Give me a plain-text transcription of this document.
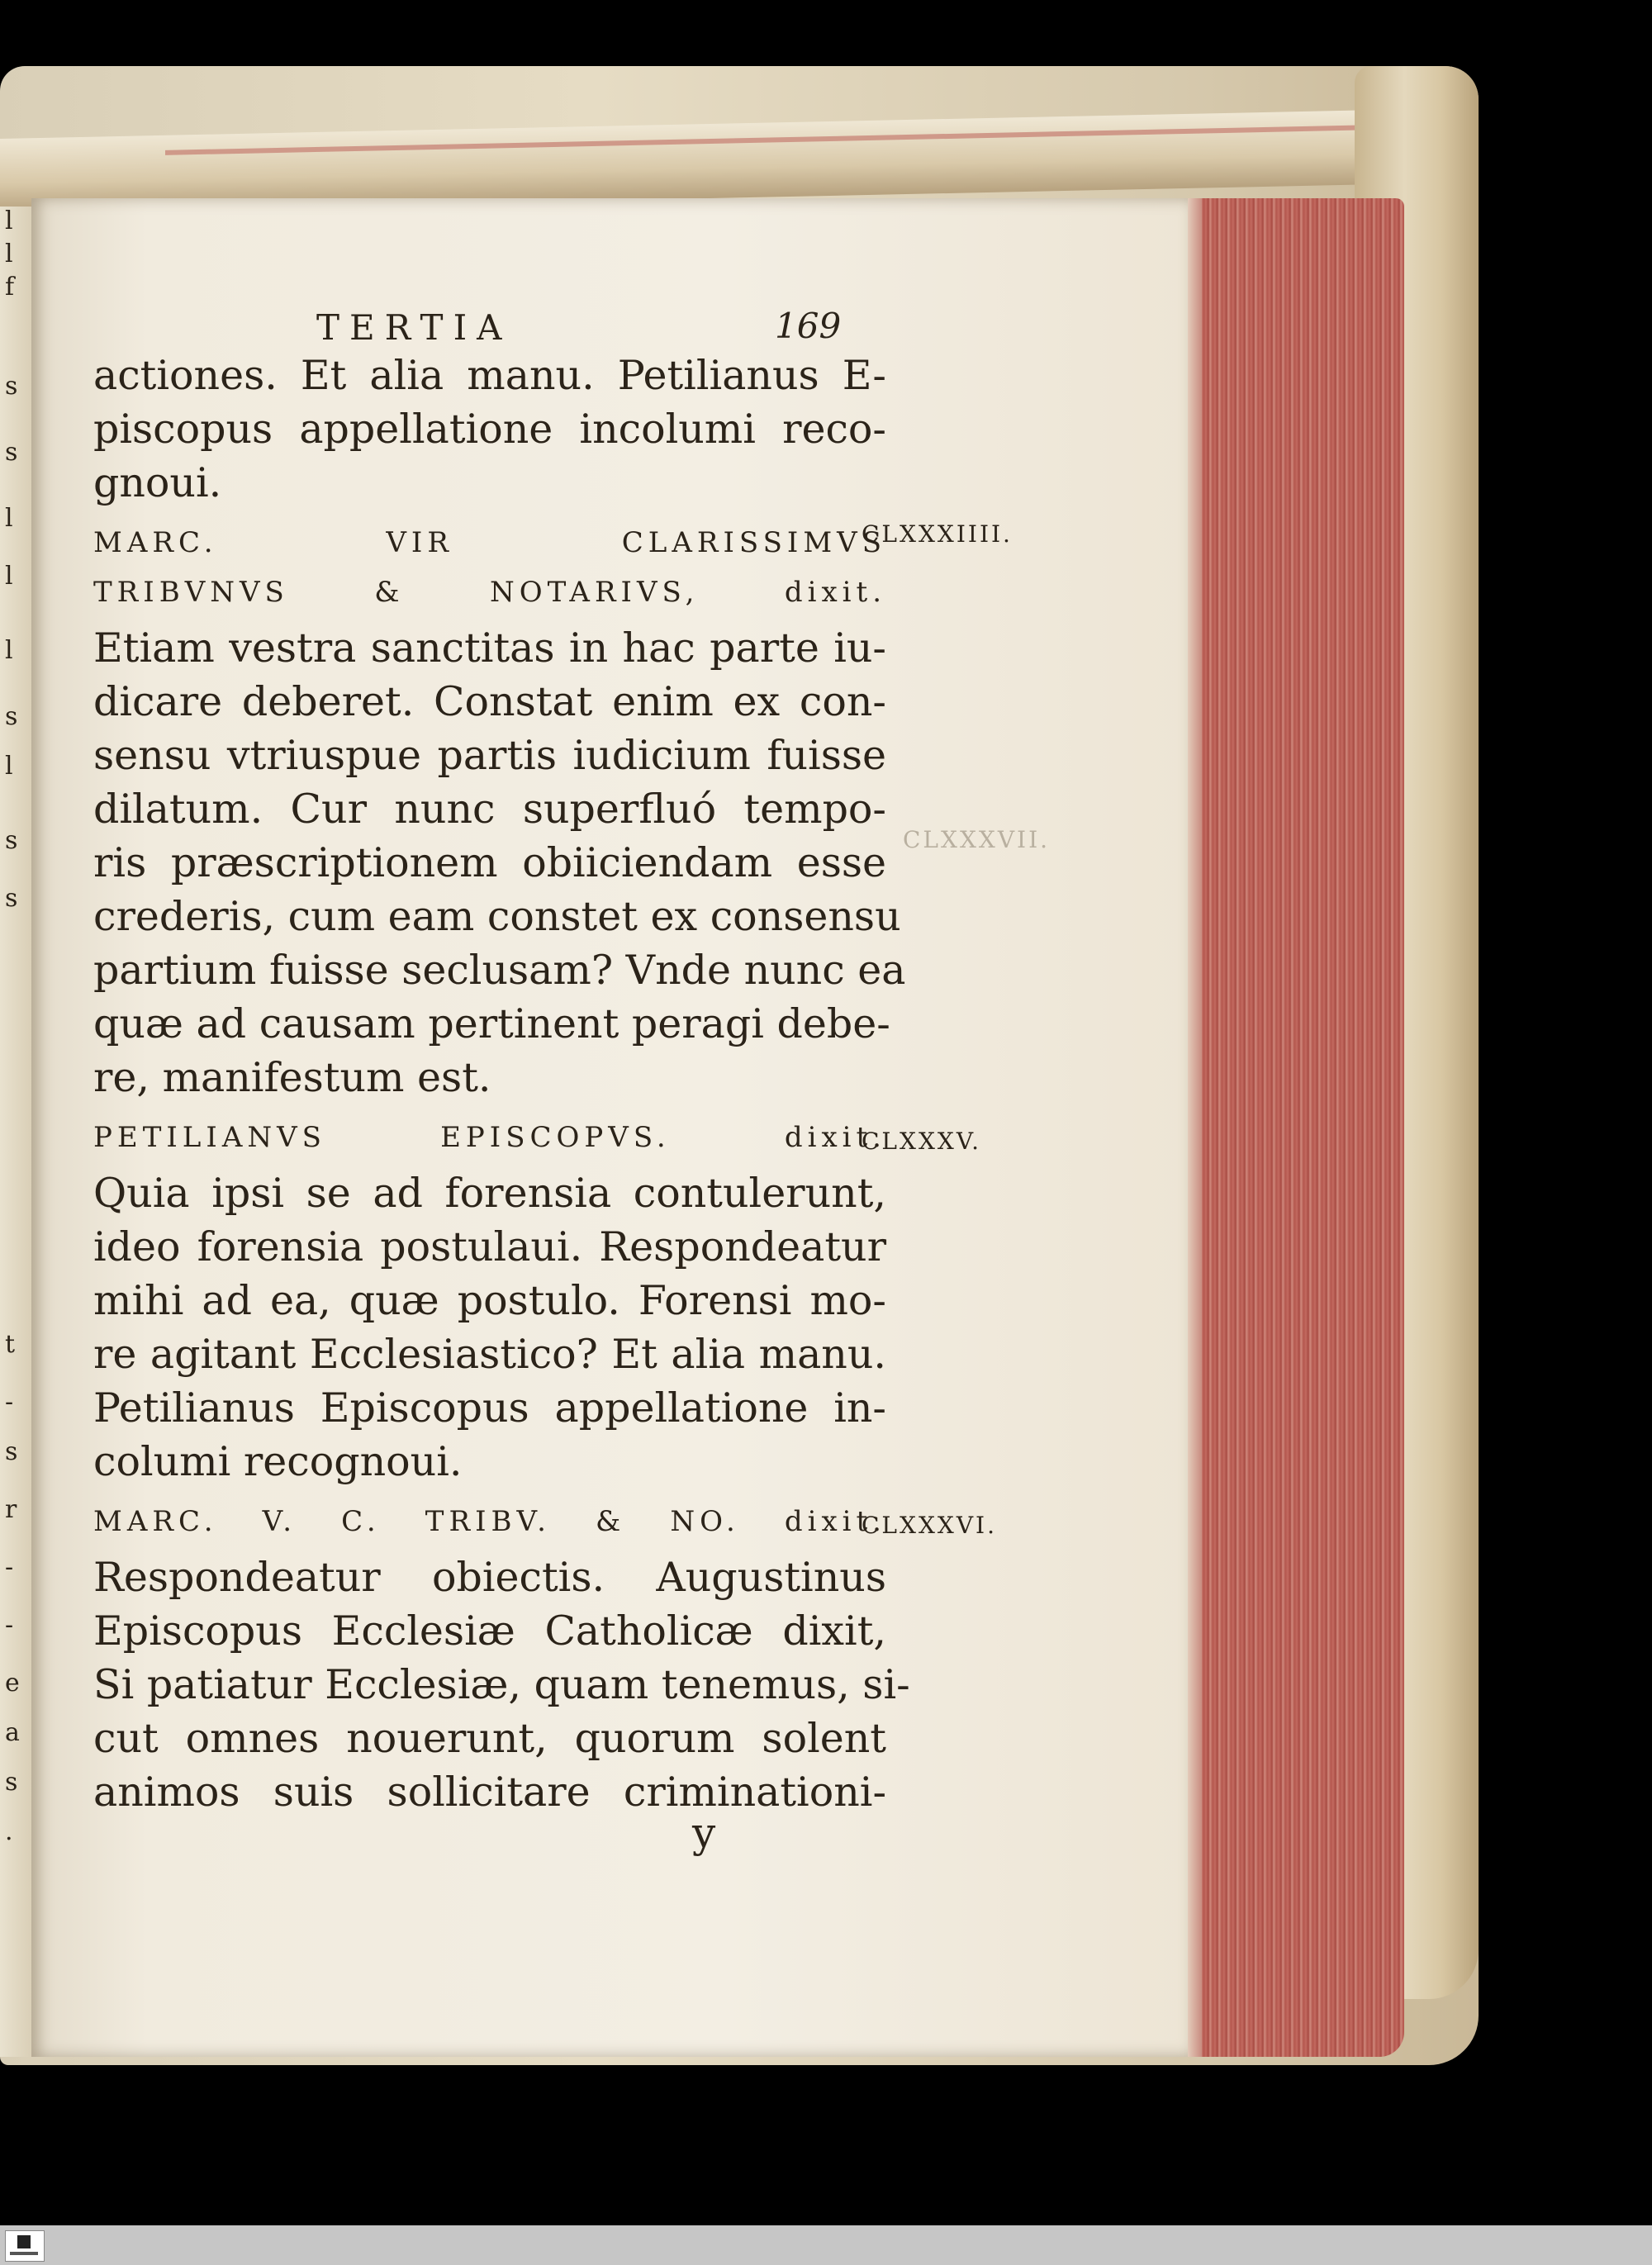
l
l
f
s
s
l
l
l
s
l
s
s
t
-
s
r
-
-
e
a
s
.
TERTIA	169
actiones. Et alia manu. Petilianus E-
piscopus appellatione incolumi reco-
gnoui.
MARC. VIR CLARISSIMVS
TRIBVNVS & NOTARIVS, dixit.
Etiam vestra sanctitas in hac parte iu-
dicare deberet. Constat enim ex con-
sensu vtriuspue partis iudicium fuisse
dilatum. Cur nunc superfluó tempo-
ris præscriptionem obiiciendam esse
crederis, cum eam constet ex consensu
partium fuisse seclusam? Vnde nunc ea
quæ ad causam pertinent peragi debe-
re, manifestum est.
PETILIANVS EPISCOPVS. dixit.
Quia ipsi se ad forensia contulerunt,
ideo forensia postulaui. Respondeatur
mihi ad ea, quæ postulo. Forensi mo-
re agitant Ecclesiastico? Et alia manu.
Petilianus Episcopus appellatione in-
columi recognoui.
MARC. V. C. TRIBV. & NO. dixit.
Respondeatur obiectis. Augustinus
Episcopus Ecclesiæ Catholicæ dixit,
Si patiatur Ecclesiæ, quam tenemus, si-
cut omnes nouerunt, quorum solent
animos suis sollicitare criminationi-
y
CLXXXIIII.
CLXXXVII.
CLXXXV.
CLXXXVI.
